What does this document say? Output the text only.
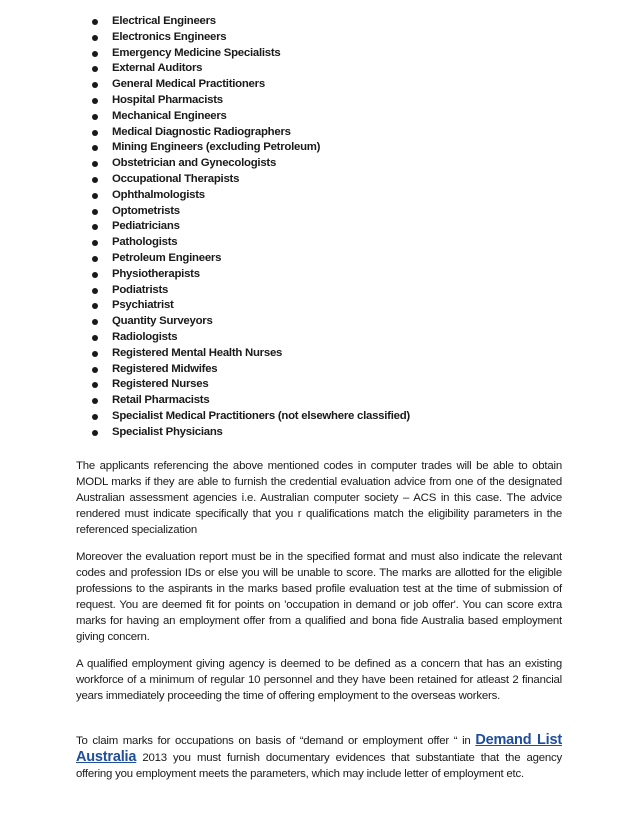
Electrical Engineers
Electronics Engineers
Emergency Medicine Specialists
External Auditors
General Medical Practitioners
Hospital Pharmacists
Mechanical Engineers
Medical Diagnostic Radiographers
Mining Engineers (excluding Petroleum)
Obstetrician and Gynecologists
Occupational Therapists
Ophthalmologists
Optometrists
Pediatricians
Pathologists
Petroleum Engineers
Physiotherapists
Podiatrists
Psychiatrist
Quantity Surveyors
Radiologists
Registered Mental Health Nurses
Registered Midwifes
Registered Nurses
Retail Pharmacists
Specialist Medical Practitioners (not elsewhere classified)
Specialist Physicians

The applicants referencing the above mentioned codes in computer trades will be able to obtain MODL marks if they are able to furnish the credential evaluation advice from one of the designated Australian assessment agencies i.e. Australian computer society – ACS in this case. The advice rendered must indicate specifically that you r qualifications match the eligibility parameters in the referenced specialization

Moreover the evaluation report must be in the specified format and must also indicate the relevant codes and profession IDs or else you will be unable to score. The marks are allotted for the eligible professions to the aspirants in the marks based profile evaluation test at the time of submission of request. You are deemed fit for points on 'occupation in demand or job offer'. You can score extra marks for having an employment offer from a qualified and bona fide Australia based employment giving concern.

A qualified employment giving agency is deemed to be defined as a concern that has an existing workforce of a minimum of regular 10 personnel and they have been retained for atleast 2 financial years immediately proceeding the time of offering employment to the overseas workers.

To claim marks for occupations on basis of “demand or employment offer “ in Demand List Australia 2013 you must furnish documentary evidences that substantiate that the agency offering you employment meets the parameters, which may include letter of employment etc.
